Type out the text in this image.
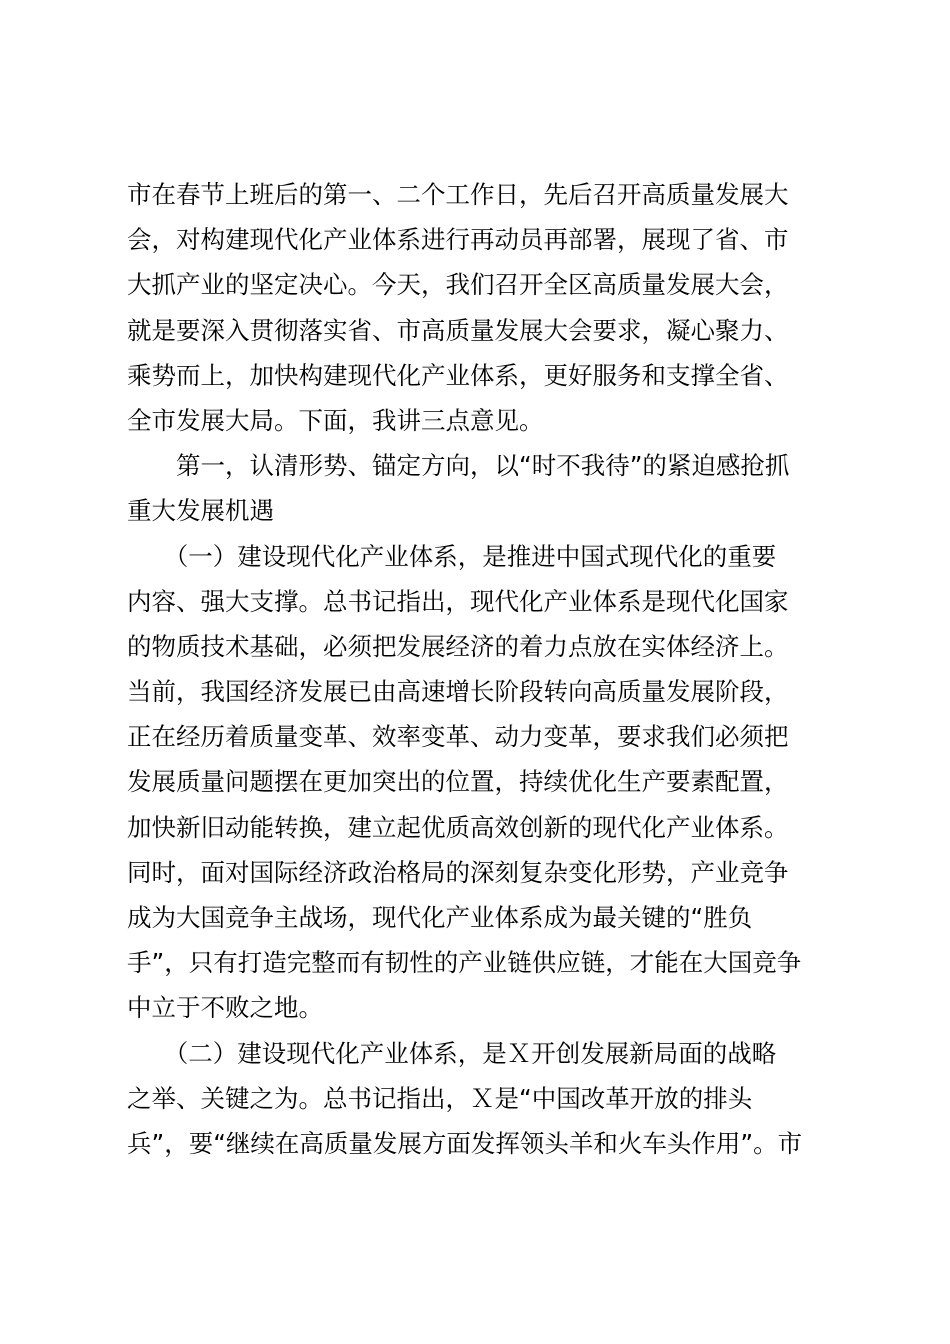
市在春节上班后的第一、二个工作日，先后召开高质量发展大
会，对构建现代化产业体系进行再动员再部署，展现了省、市
大抓产业的坚定决心。今天，我们召开全区高质量发展大会，
就是要深入贯彻落实省、市高质量发展大会要求，凝心聚力、
乘势而上，加快构建现代化产业体系，更好服务和支撑全省、
全市发展大局。下面，我讲三点意见。
　　第一，认清形势、锚定方向，以“时不我待”的紧迫感抢抓
重大发展机遇
　　（一）建设现代化产业体系，是推进中国式现代化的重要
内容、强大支撑。总书记指出，现代化产业体系是现代化国家
的物质技术基础，必须把发展经济的着力点放在实体经济上。
当前，我国经济发展已由高速增长阶段转向高质量发展阶段，
正在经历着质量变革、效率变革、动力变革，要求我们必须把
发展质量问题摆在更加突出的位置，持续优化生产要素配置，
加快新旧动能转换，建立起优质高效创新的现代化产业体系。
同时，面对国际经济政治格局的深刻复杂变化形势，产业竞争
成为大国竞争主战场，现代化产业体系成为最关键的“胜负
手”，只有打造完整而有韧性的产业链供应链，才能在大国竞争
中立于不败之地。
　　（二）建设现代化产业体系，是Ｘ开创发展新局面的战略
之举、关键之为。总书记指出，Ｘ是“中国改革开放的排头
兵”，要“继续在高质量发展方面发挥领头羊和火车头作用”。市
